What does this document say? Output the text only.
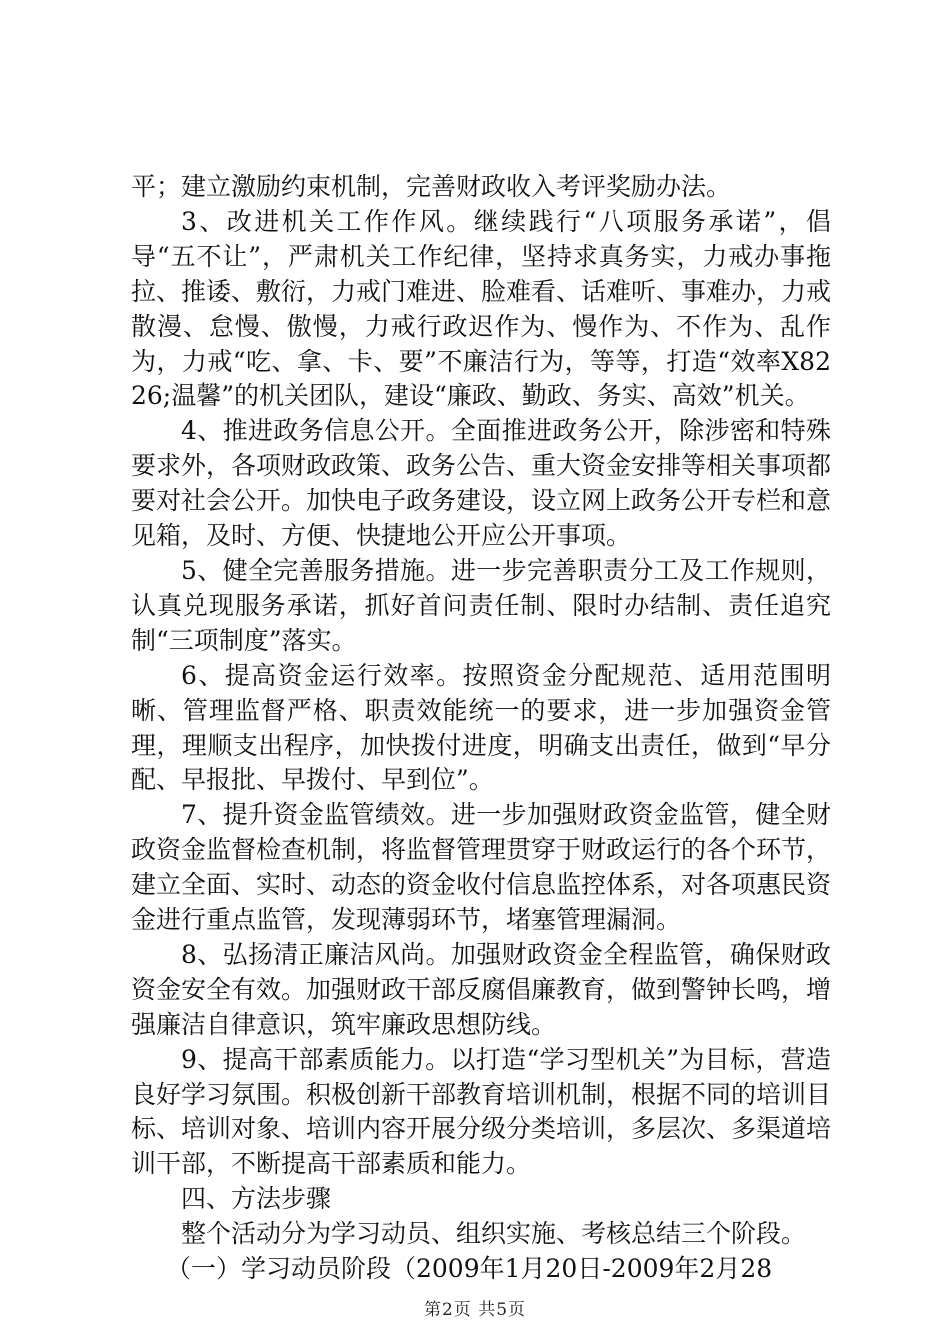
平；建立激励约束机制，完善财政收入考评奖励办法。

3、改进机关工作作风。继续践行“八项服务承诺”，倡导“五不让”，严肃机关工作纪律，坚持求真务实，力戒办事拖拉、推诿、敷衍，力戒门难进、脸难看、话难听、事难办，力戒散漫、怠慢、傲慢，力戒行政迟作为、慢作为、不作为、乱作为，力戒“吃、拿、卡、要”不廉洁行为，等等，打造“效率X8226;温馨”的机关团队，建设“廉政、勤政、务实、高效”机关。

4、推进政务信息公开。全面推进政务公开，除涉密和特殊要求外，各项财政政策、政务公告、重大资金安排等相关事项都要对社会公开。加快电子政务建设，设立网上政务公开专栏和意见箱，及时、方便、快捷地公开应公开事项。

5、健全完善服务措施。进一步完善职责分工及工作规则，认真兑现服务承诺，抓好首问责任制、限时办结制、责任追究制“三项制度”落实。

6、提高资金运行效率。按照资金分配规范、适用范围明晰、管理监督严格、职责效能统一的要求，进一步加强资金管理，理顺支出程序，加快拨付进度，明确支出责任，做到“早分配、早报批、早拨付、早到位”。

7、提升资金监管绩效。进一步加强财政资金监管，健全财政资金监督检查机制，将监督管理贯穿于财政运行的各个环节，建立全面、实时、动态的资金收付信息监控体系，对各项惠民资金进行重点监管，发现薄弱环节，堵塞管理漏洞。

8、弘扬清正廉洁风尚。加强财政资金全程监管，确保财政资金安全有效。加强财政干部反腐倡廉教育，做到警钟长鸣，增强廉洁自律意识，筑牢廉政思想防线。

9、提高干部素质能力。以打造“学习型机关”为目标，营造良好学习氛围。积极创新干部教育培训机制，根据不同的培训目标、培训对象、培训内容开展分级分类培训，多层次、多渠道培训干部，不断提高干部素质和能力。

四、方法步骤

整个活动分为学习动员、组织实施、考核总结三个阶段。

（一）学习动员阶段（2009年1月20日-2009年2月28

第2页 共5页
